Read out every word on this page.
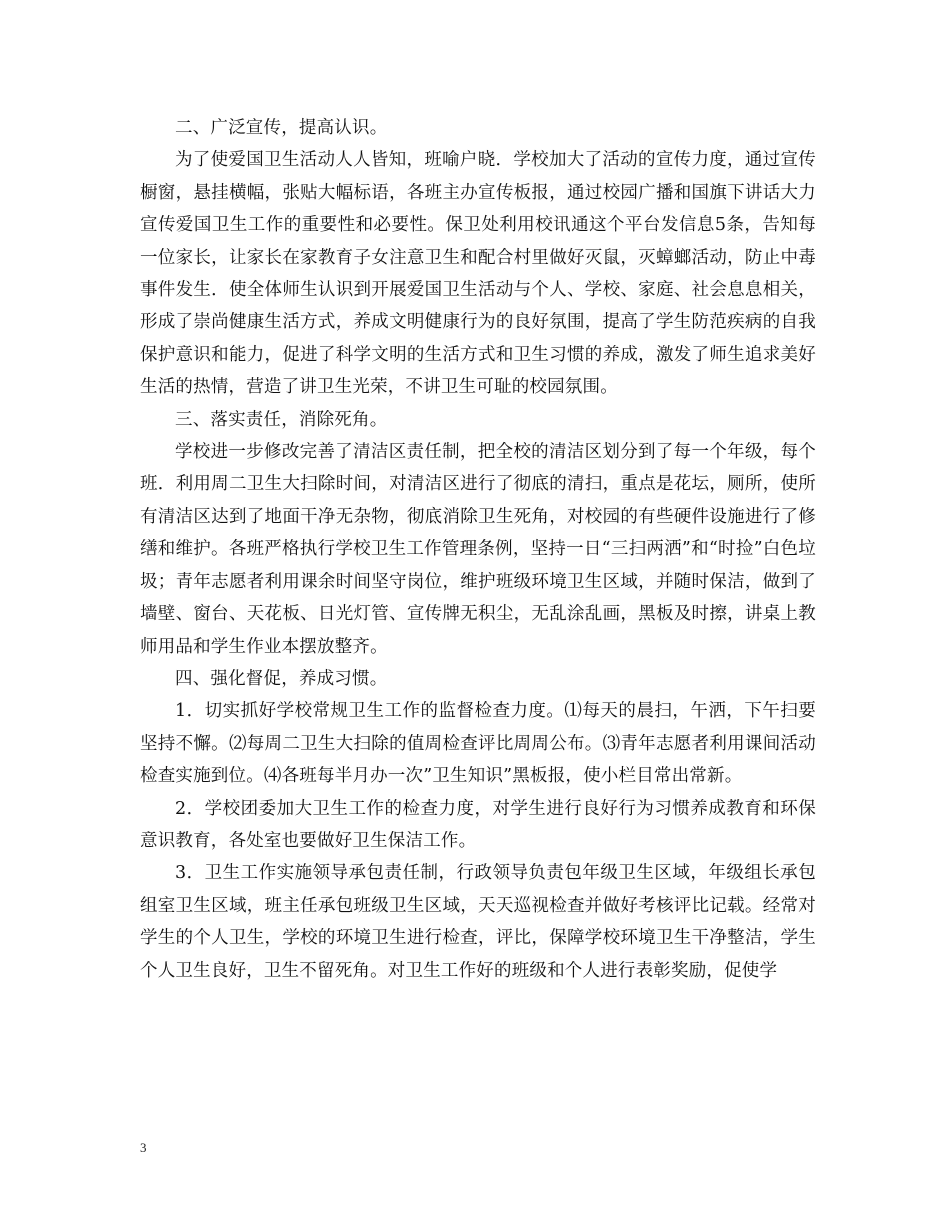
二、广泛宣传，提高认识。

为了使爱国卫生活动人人皆知，班喻户晓．学校加大了活动的宣传力度，通过宣传橱窗，悬挂横幅，张贴大幅标语，各班主办宣传板报，通过校园广播和国旗下讲话大力宣传爱国卫生工作的重要性和必要性。保卫处利用校讯通这个平台发信息5条，告知每一位家长，让家长在家教育子女注意卫生和配合村里做好灭鼠，灭蟑螂活动，防止中毒事件发生．使全体师生认识到开展爱国卫生活动与个人、学校、家庭、社会息息相关，形成了崇尚健康生活方式，养成文明健康行为的良好氛围，提高了学生防范疾病的自我保护意识和能力，促进了科学文明的生活方式和卫生习惯的养成，激发了师生追求美好生活的热情，营造了讲卫生光荣，不讲卫生可耻的校园氛围。

三、落实责任，消除死角。

学校进一步修改完善了清洁区责任制，把全校的清洁区划分到了每一个年级，每个班．利用周二卫生大扫除时间，对清洁区进行了彻底的清扫，重点是花坛，厕所，使所有清洁区达到了地面干净无杂物，彻底消除卫生死角，对校园的有些硬件设施进行了修缮和维护。各班严格执行学校卫生工作管理条例，坚持一日“三扫两洒”和“时捡”白色垃圾；青年志愿者利用课余时间坚守岗位，维护班级环境卫生区域，并随时保洁，做到了墙壁、窗台、天花板、日光灯管、宣传牌无积尘，无乱涂乱画，黑板及时擦，讲桌上教师用品和学生作业本摆放整齐。

四、强化督促，养成习惯。

1．切实抓好学校常规卫生工作的监督检查力度。⑴每天的晨扫，午洒，下午扫要坚持不懈。⑵每周二卫生大扫除的值周检查评比周周公布。⑶青年志愿者利用课间活动检查实施到位。⑷各班每半月办一次”卫生知识”黑板报，使小栏目常出常新。

2．学校团委加大卫生工作的检查力度，对学生进行良好行为习惯养成教育和环保意识教育，各处室也要做好卫生保洁工作。

3．卫生工作实施领导承包责任制，行政领导负责包年级卫生区域，年级组长承包组室卫生区域，班主任承包班级卫生区域，天天巡视检查并做好考核评比记载。经常对学生的个人卫生，学校的环境卫生进行检查，评比，保障学校环境卫生干净整洁，学生个人卫生良好，卫生不留死角。对卫生工作好的班级和个人进行表彰奖励，促使学

3
